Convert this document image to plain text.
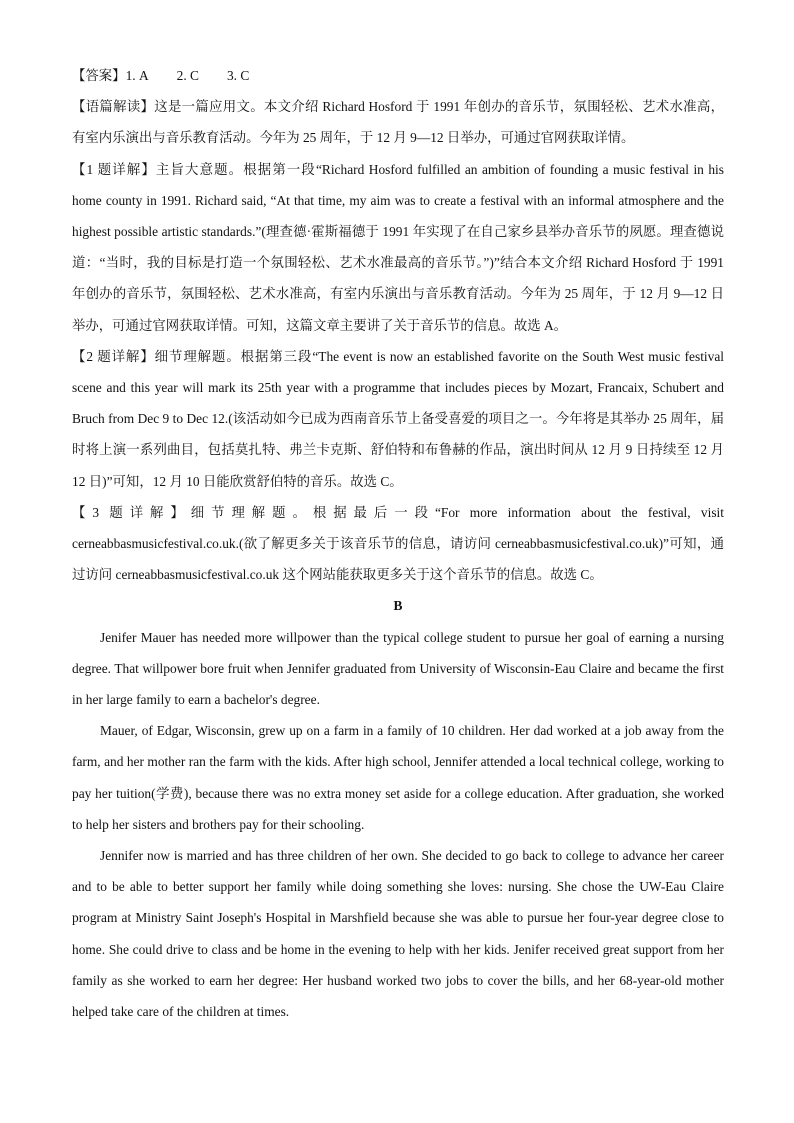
【答案】1. A 2. C 3. C

【语篇解读】这是一篇应用文。本文介绍 Richard Hosford 于 1991 年创办的音乐节，氛围轻松、艺术水准高，有室内乐演出与音乐教育活动。今年为 25 周年，于 12 月 9—12 日举办，可通过官网获取详情。

【1 题详解】主旨大意题。根据第一段“Richard Hosford fulfilled an ambition of founding a music festival in his home county in 1991. Richard said, “At that time, my aim was to create a festival with an informal atmosphere and the highest possible artistic standards.”(理查德·霍斯福德于 1991 年实现了在自己家乡县举办音乐节的夙愿。理查德说道：“当时，我的目标是打造一个氛围轻松、艺术水准最高的音乐节。”)”结合本文介绍 Richard Hosford 于 1991 年创办的音乐节，氛围轻松、艺术水准高，有室内乐演出与音乐教育活动。今年为 25 周年，于 12 月 9—12 日举办，可通过官网获取详情。可知，这篇文章主要讲了关于音乐节的信息。故选 A。

【2 题详解】细节理解题。根据第三段“The event is now an established favorite on the South West music festival scene and this year will mark its 25th year with a programme that includes pieces by Mozart, Francaix, Schubert and Bruch from Dec 9 to Dec 12.(该活动如今已成为西南音乐节上备受喜爱的项目之一。今年将是其举办 25 周年，届时将上演一系列曲目，包括莫扎特、弗兰卡克斯、舒伯特和布鲁赫的作品，演出时间从 12 月 9 日持续至 12 月 12 日)”可知，12 月 10 日能欣赏舒伯特的音乐。故选 C。

【3 题详解】细节理解题。根据最后一段“For more information about the festival, visit cerneabbasmusicfestival.co.uk.(欲了解更多关于该音乐节的信息，请访问 cerneabbasmusicfestival.co.uk)”可知，通过访问 cerneabbasmusicfestival.co.uk 这个网站能获取更多关于这个音乐节的信息。故选 C。

B

Jenifer Mauer has needed more willpower than the typical college student to pursue her goal of earning a nursing degree. That willpower bore fruit when Jennifer graduated from University of Wisconsin-Eau Claire and became the first in her large family to earn a bachelor's degree.

Mauer, of Edgar, Wisconsin, grew up on a farm in a family of 10 children. Her dad worked at a job away from the farm, and her mother ran the farm with the kids. After high school, Jennifer attended a local technical college, working to pay her tuition(学费), because there was no extra money set aside for a college education. After graduation, she worked to help her sisters and brothers pay for their schooling.

Jennifer now is married and has three children of her own. She decided to go back to college to advance her career and to be able to better support her family while doing something she loves: nursing. She chose the UW-Eau Claire program at Ministry Saint Joseph's Hospital in Marshfield because she was able to pursue her four-year degree close to home. She could drive to class and be home in the evening to help with her kids. Jenifer received great support from her family as she worked to earn her degree: Her husband worked two jobs to cover the bills, and her 68-year-old mother helped take care of the children at times.
